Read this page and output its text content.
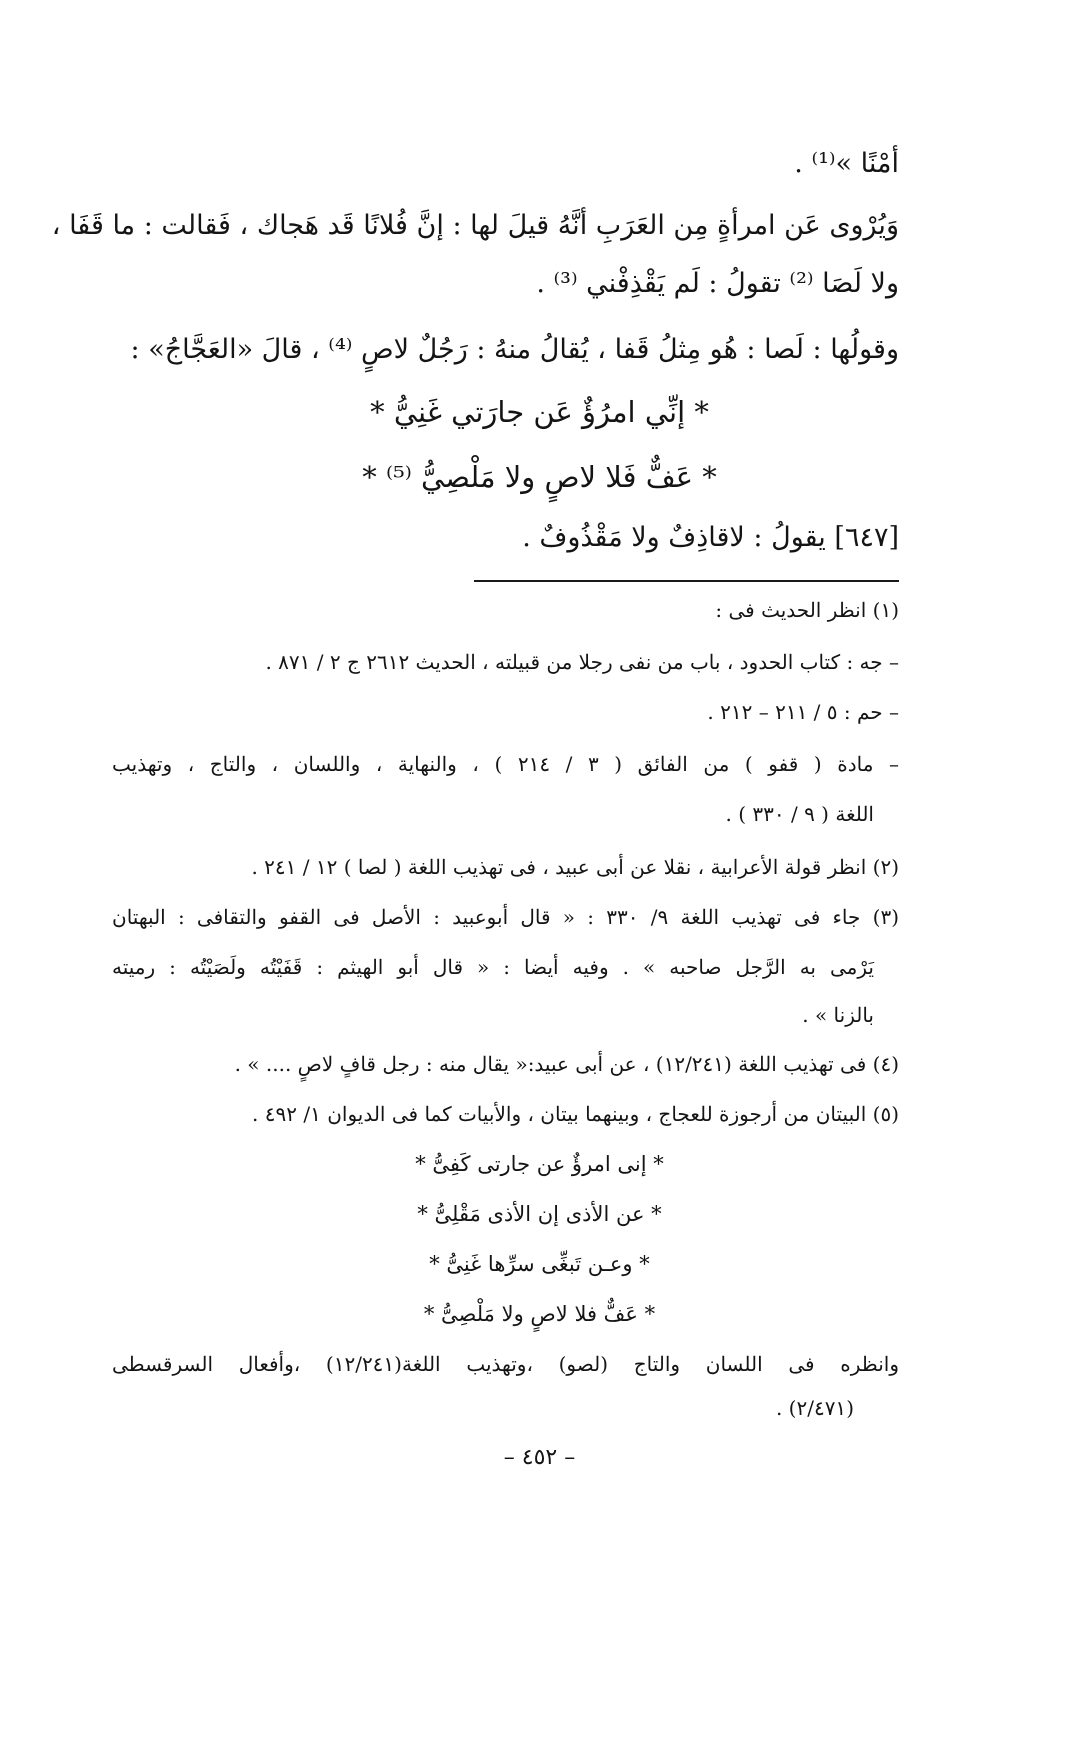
أمْنًا »⁽¹⁾ .
وَيُرْوى عَن امرأةٍ مِن العَرَبِ أنَّهُ قيلَ لها : إنَّ فُلانًا قَد هَجاك ، فَقالت : ما قَفَا ،
ولا لَصَا ⁽²⁾ تقولُ : لَم يَقْذِفْني ⁽³⁾ .
وقولُها : لَصا : هُو مِثلُ قَفا ، يُقالُ منهُ : رَجُلٌ لاصٍ ⁽⁴⁾ ، قالَ «العَجَّاجُ» :
* إنِّي امرُؤٌ عَن جارَتي غَنِيُّ *
* عَفٌّ فَلا لاصٍ ولا مَلْصِيُّ ⁽⁵⁾ *
[٦٤٧] يقولُ : لاقاذِفٌ ولا مَقْذُوفٌ .
(١) انظر الحديث فى :
– جه : كتاب الحدود ، باب من نفى رجلا من قبيلته ، الحديث ٢٦١٢ ج ٢ / ٨٧١ .
– حم : ٥ / ٢١١ – ٢١٢ .
– مادة ( قفو ) من الفائق ( ٣ / ٢١٤ ) ، والنهاية ، واللسان ، والتاج ، وتهذيب
اللغة ( ٩ / ٣٣٠ ) .
(٢) انظر قولة الأعرابية ، نقلا عن أبى عبيد ، فى تهذيب اللغة ( لصا ) ١٢ / ٢٤١ .
(٣) جاء فى تهذيب اللغة ٩/ ٣٣٠ : « قال أبوعبيد : الأصل فى القفو والتقافى : البهتان
يَرْمى به الرَّجل صاحبه » . وفيه أيضا : « قال أبو الهيثم : قَفَيْتُه ولَصَيْتُه : رميته
بالزنا » .
(٤) فى تهذيب اللغة (١٢/٢٤١) ، عن أبى عبيد:« يقال منه : رجل قافٍ لاصٍ .... » .
(٥) البيتان من أرجوزة للعجاج ، وبينهما بيتان ، والأبيات كما فى الديوان ١/ ٤٩٢ .
* إنى امرؤٌ عن جارتى كَفِىُّ *
* عن الأذى إن الأذى مَقْلِىُّ *
* وعـن تَبغِّى سرِّها غَنِىُّ *
* عَفٌّ فلا لاصٍ ولا مَلْصِىُّ *
وانظره فى اللسان والتاج (لصو) ،وتهذيب اللغة(١٢/٢٤١) ،وأفعال السرقسطى
(٢/٤٧١) .
– ٤٥٢ –
